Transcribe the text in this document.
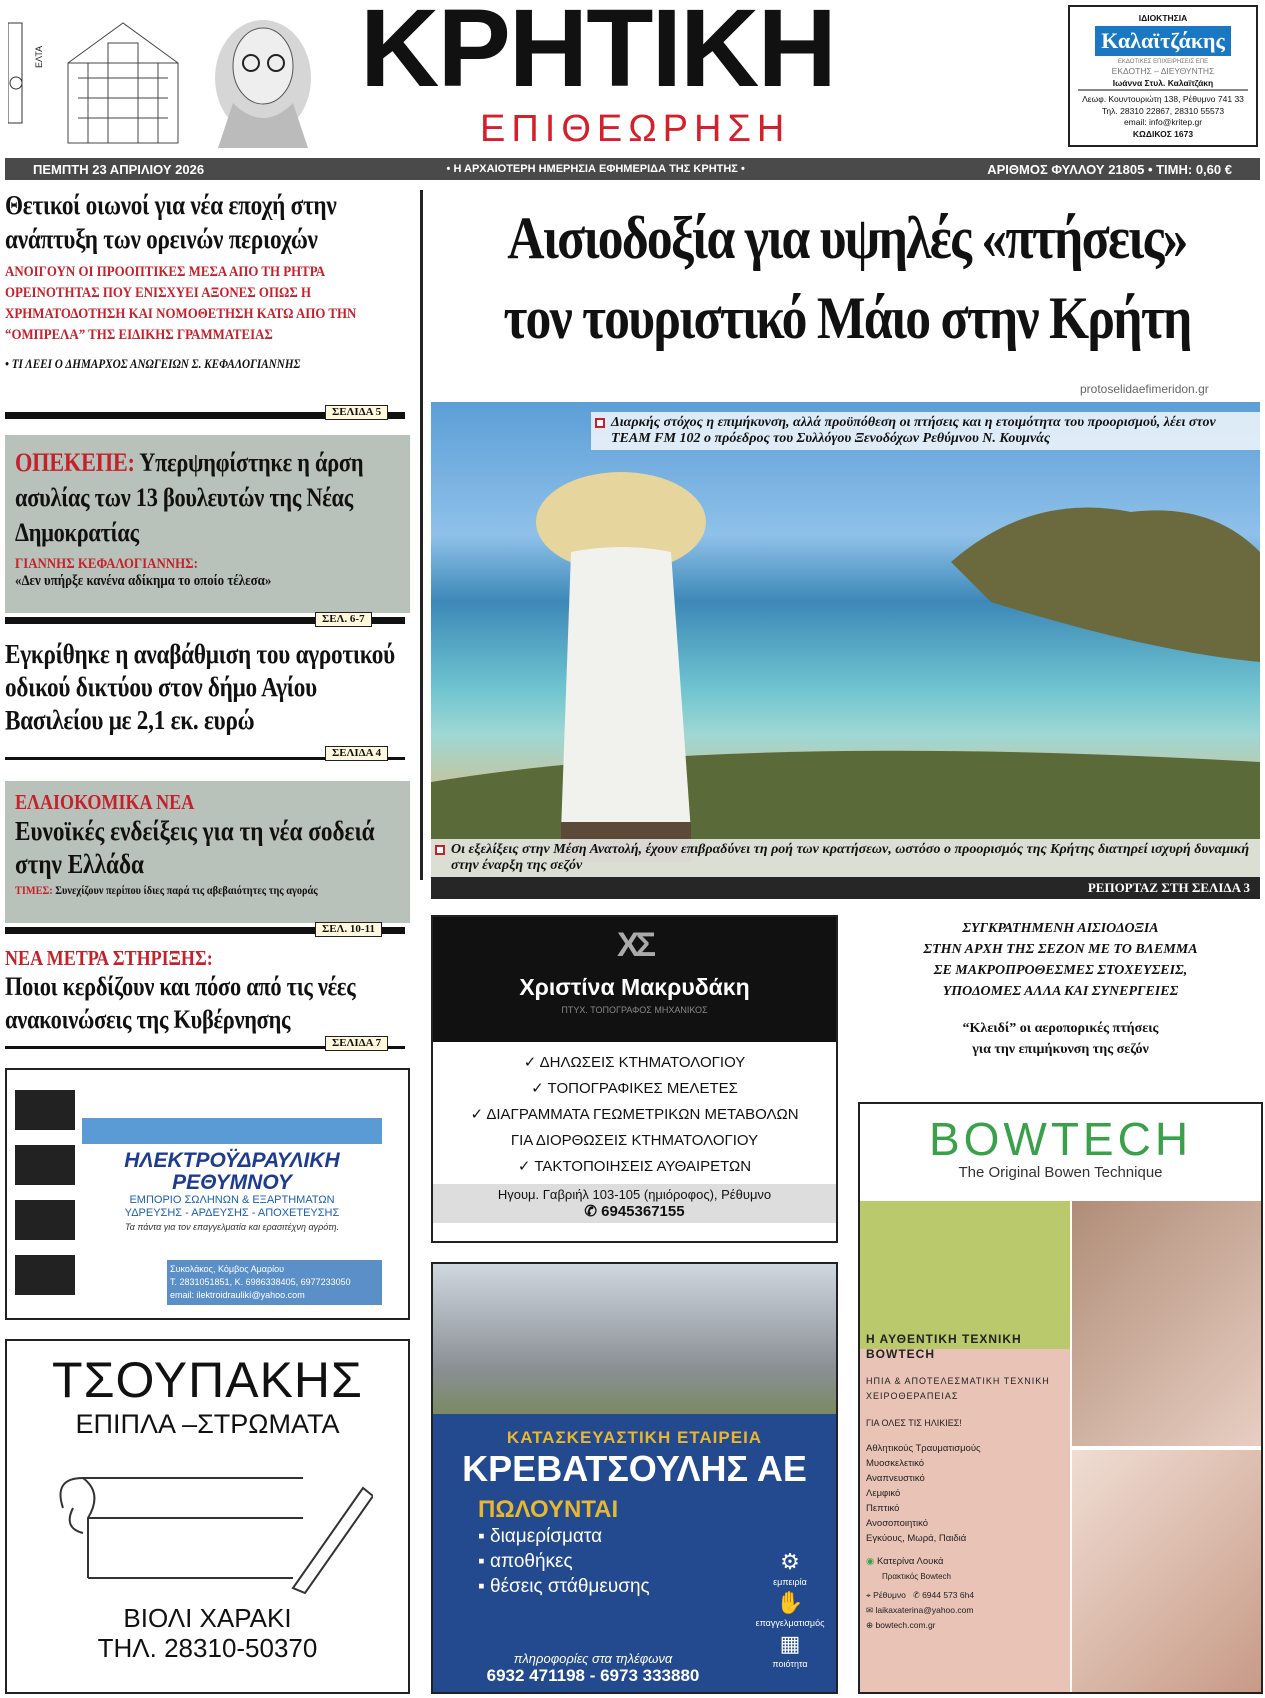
ΕΛΤΑ	ΚΡΗΤΙΚΗ
ΕΠΙΘΕΩΡΗΣΗ
ΙΔΙΟΚΤΗΣΙΑ
Καλαϊτζάκης
ΕΚΔΟΤΙΚΕΣ ΕΠΙΧΕΙΡΗΣΕΙΣ ΕΠΕ
ΕΚΔΟΤΗΣ – ΔΙΕΥΘΥΝΤΗΣ
Ιωάννα Στυλ. Καλαϊτζάκη
Λεωφ. Κουντουριώτη 138, Ρέθυμνο 741 33
Τηλ. 28310 22867, 28310 55573
email: info@kritep.gr
ΚΩΔΙΚΟΣ 1673
ΠΕΜΠΤΗ 23 ΑΠΡΙΛΙΟΥ 2026	• Η ΑΡΧΑΙΟΤΕΡΗ ΗΜΕΡΗΣΙΑ ΕΦΗΜΕΡΙΔΑ ΤΗΣ ΚΡΗΤΗΣ •	ΑΡΙΘΜΟΣ ΦΥΛΛΟΥ 21805 • ΤΙΜΗ: 0,60 €
Θετικοί οιωνοί για νέα εποχή στην ανάπτυξη των ορεινών περιοχών
ΑΝΟΙΓΟΥΝ ΟΙ ΠΡΟΟΠΤΙΚΕΣ ΜΕΣΑ ΑΠΟ ΤΗ ΡΗΤΡΑ ΟΡΕΙΝΟΤΗΤΑΣ ΠΟΥ ΕΝΙΣΧΥΕΙ ΑΞΟΝΕΣ ΟΠΩΣ Η ΧΡΗΜΑΤΟΔΟΤΗΣΗ ΚΑΙ ΝΟΜΟΘΕΤΗΣΗ ΚΑΤΩ ΑΠΟ ΤΗΝ “ΟΜΠΡΕΛΑ” ΤΗΣ ΕΙΔΙΚΗΣ ΓΡΑΜΜΑΤΕΙΑΣ
• ΤΙ ΛΕΕΙ Ο ΔΗΜΑΡΧΟΣ ΑΝΩΓΕΙΩΝ Σ. ΚΕΦΑΛΟΓΙΑΝΝΗΣ
ΣΕΛΙΔΑ 5
ΟΠΕΚΕΠΕ: Υπερψηφίστηκε η άρση ασυλίας των 13 βουλευτών της Νέας Δημοκρατίας
ΓΙΑΝΝΗΣ ΚΕΦΑΛΟΓΙΑΝΝΗΣ:
«Δεν υπήρξε κανένα αδίκημα το οποίο τέλεσα»
ΣΕΛ. 6-7
Εγκρίθηκε η αναβάθμιση του αγροτικού οδικού δικτύου στον δήμο Αγίου Βασιλείου με 2,1 εκ. ευρώ
ΣΕΛΙΔΑ 4
ΕΛΑΙΟΚΟΜΙΚΑ ΝΕΑ
Ευνοϊκές ενδείξεις για τη νέα σοδειά στην Ελλάδα
ΤΙΜΕΣ: Συνεχίζουν περίπου ίδιες παρά τις αβεβαιότητες της αγοράς
ΣΕΛ. 10-11
ΝΕΑ ΜΕΤΡΑ ΣΤΗΡΙΞΗΣ:
Ποιοι κερδίζουν και πόσο από τις νέες ανακοινώσεις της Κυβέρνησης
ΣΕΛΙΔΑ 7
ΗΛΕΚΤΡΟΫΔΡΑΥΛΙΚΗ
ΡΕΘΥΜΝΟΥ
ΕΜΠΟΡΙΟ ΣΩΛΗΝΩΝ & ΕΞΑΡΤΗΜΑΤΩΝ
ΥΔΡΕΥΣΗΣ - ΑΡΔΕΥΣΗΣ - ΑΠΟΧΕΤΕΥΣΗΣ
Τα πάντα για τον επαγγελματία και ερασιτέχνη αγρότη.
Συκολάκος, Κόμβος Αμαρίου
Τ. 2831051851, Κ. 6986338405, 6977233050
email: ilektroidraulikí@yahoo.com
ΤΣΟΥΠΑΚΗΣ
ΕΠΙΠΛΑ –ΣΤΡΩΜΑΤΑ
ΒΙΟΛΙ ΧΑΡΑΚΙ
ΤΗΛ. 28310-50370
Αισιοδοξία για υψηλές «πτήσεις»
τον τουριστικό Μάιο στην Κρήτη
protoselidaefimeridon.gr
Διαρκής στόχος η επιμήκυνση, αλλά προϋπόθεση οι πτήσεις και η ετοιμότητα του προορισμού, λέει στον TEAM FM 102 ο πρόεδρος του Συλλόγου Ξενοδόχων Ρεθύμνου Ν. Κουμνάς
Οι εξελίξεις στην Μέση Ανατολή, έχουν επιβραδύνει τη ροή των κρατήσεων, ωστόσο ο προορισμός της Κρήτης διατηρεί ισχυρή δυναμική στην έναρξη της σεζόν
ΡΕΠΟΡΤΑΖ ΣΤΗ ΣΕΛΙΔΑ 3
XΣ
Χριστίνα Μακρυδάκη
ΠΤΥΧ. ΤΟΠΟΓΡΑΦΟΣ ΜΗΧΑΝΙΚΟΣ
✓ ΔΗΛΩΣΕΙΣ ΚΤΗΜΑΤΟΛΟΓΙΟΥ
✓ ΤΟΠΟΓΡΑΦΙΚΕΣ ΜΕΛΕΤΕΣ
✓ ΔΙΑΓΡΑΜΜΑΤΑ ΓΕΩΜΕΤΡΙΚΩΝ ΜΕΤΑΒΟΛΩΝ
ΓΙΑ ΔΙΟΡΘΩΣΕΙΣ ΚΤΗΜΑΤΟΛΟΓΙΟΥ
✓ ΤΑΚΤΟΠΟΙΗΣΕΙΣ ΑΥΘΑΙΡΕΤΩΝ
Ηγουμ. Γαβριήλ 103-105 (ημιόροφος), Ρέθυμνο
✆ 6945367155
ΣΥΓΚΡΑΤΗΜΕΝΗ ΑΙΣΙΟΔΟΞΙΑ
ΣΤΗΝ ΑΡΧΗ ΤΗΣ ΣΕΖΟΝ ΜΕ ΤΟ ΒΛΕΜΜΑ
ΣΕ ΜΑΚΡΟΠΡΟΘΕΣΜΕΣ ΣΤΟΧΕΥΣΕΙΣ,
ΥΠΟΔΟΜΕΣ ΑΛΛΑ ΚΑΙ ΣΥΝΕΡΓΕΙΕΣ
“Κλειδί” οι αεροπορικές πτήσεις
για την επιμήκυνση της σεζόν
ΚΑΤΑΣΚΕΥΑΣΤΙΚΗ ΕΤΑΙΡΕΙΑ
ΚΡΕΒΑΤΣΟΥΛΗΣ ΑΕ
ΠΩΛΟΥΝΤΑΙ
▪ διαμερίσματα
▪ αποθήκες
▪ θέσεις στάθμευσης
⚙
εμπειρία
✋
επαγγελματισμός
▦
ποιότητα
πληροφορίες στα τηλέφωνα
6932 471198 - 6973 333880
BOWTECH
The Original Bowen Technique
Η ΑΥΘΕΝΤΙΚΗ ΤΕΧΝΙΚΗ BOWTECH
ΗΠΙΑ & ΑΠΟΤΕΛΕΣΜΑΤΙΚΗ ΤΕΧΝΙΚΗ ΧΕΙΡΟΘΕΡΑΠΕΙΑΣ
ΓΙΑ ΟΛΕΣ ΤΙΣ ΗΛΙΚΙΕΣ!
Αθλητικούς Τραυματισμούς
Μυοσκελετικό
Αναπνευστικό
Λεμφικό
Πεπτικό
Ανοσοποιητικό
Εγκύους, Μωρά, Παιδιά
◉ Κατερίνα Λουκά
Πρακτικός Bowtech
⌖ Ρέθυμνο ✆ 6944 573 6h4
✉ laikaxaterina@yahoo.com
⊕ bowtech.com.gr
